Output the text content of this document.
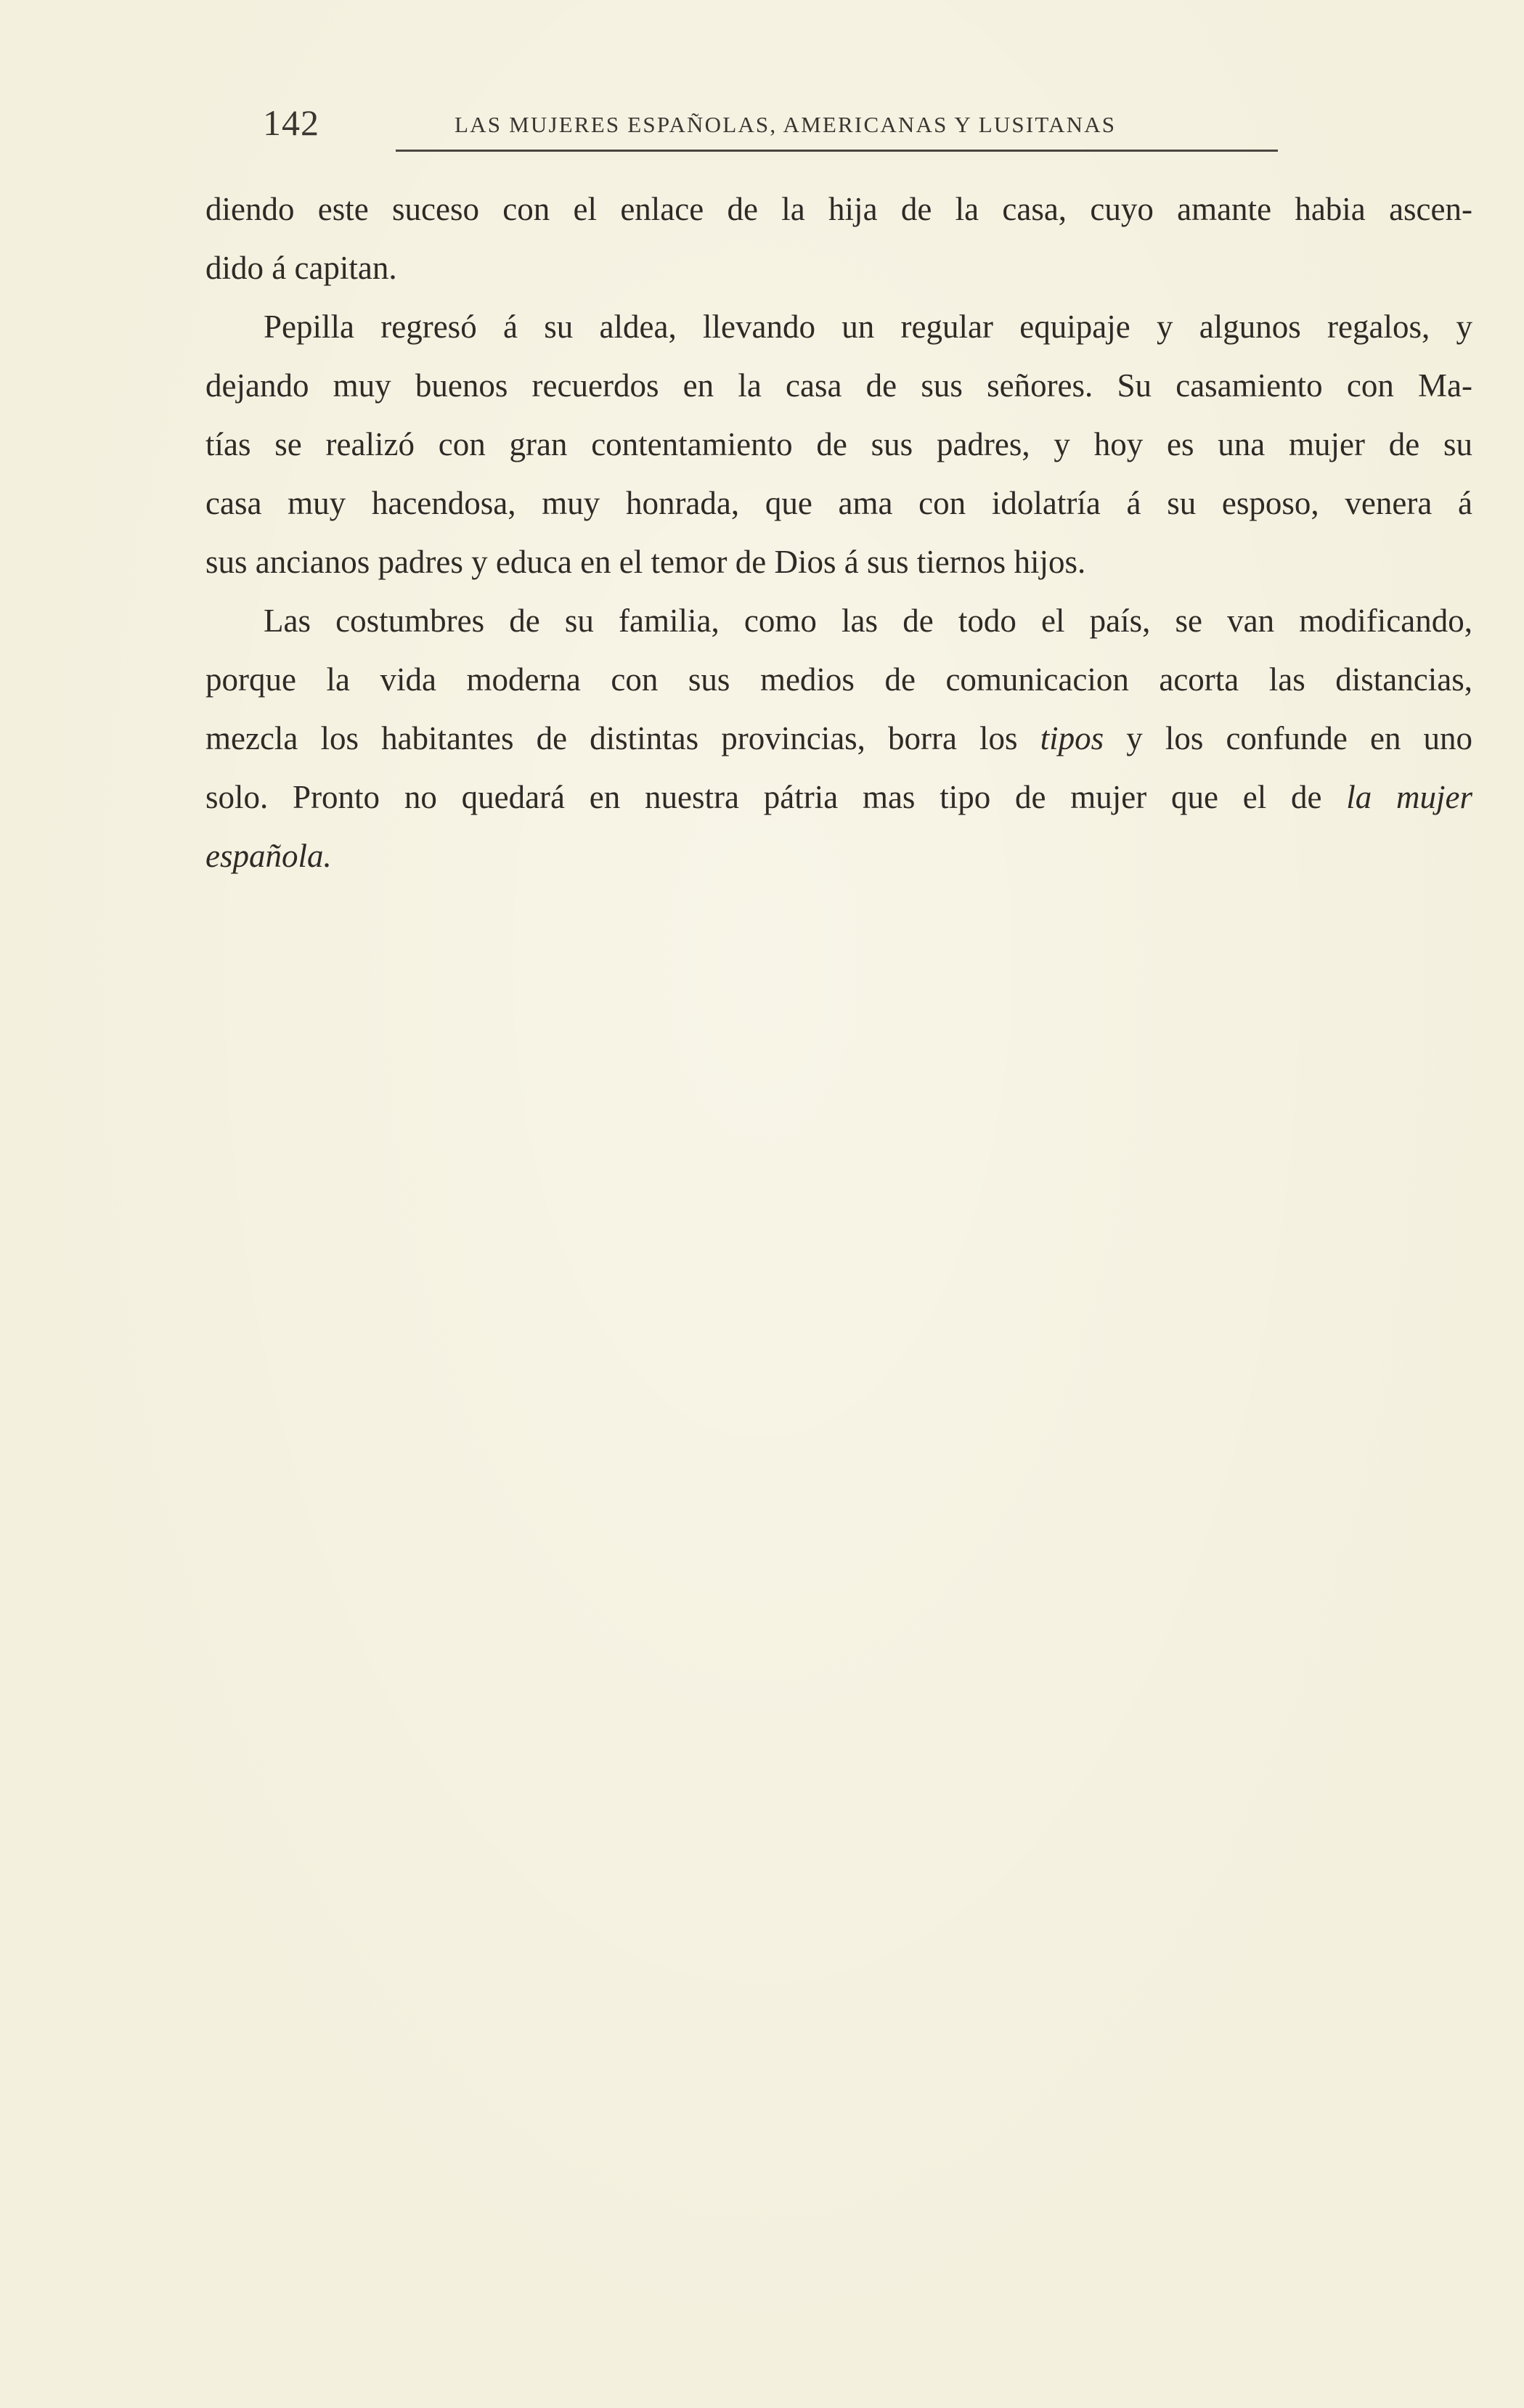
142	LAS MUJERES ESPAÑOLAS, AMERICANAS Y LUSITANAS
diendo este suceso con el enlace de la hija de la casa, cuyo amante habia ascen-
dido á capitan.
Pepilla regresó á su aldea, llevando un regular equipaje y algunos regalos, y
dejando muy buenos recuerdos en la casa de sus señores. Su casamiento con Ma-
tías se realizó con gran contentamiento de sus padres, y hoy es una mujer de su
casa muy hacendosa, muy honrada, que ama con idolatría á su esposo, venera á
sus ancianos padres y educa en el temor de Dios á sus tiernos hijos.
Las costumbres de su familia, como las de todo el país, se van modificando,
porque la vida moderna con sus medios de comunicacion acorta las distancias,
mezcla los habitantes de distintas provincias, borra los tipos y los confunde en uno
solo. Pronto no quedará en nuestra pátria mas tipo de mujer que el de la mujer
española.
